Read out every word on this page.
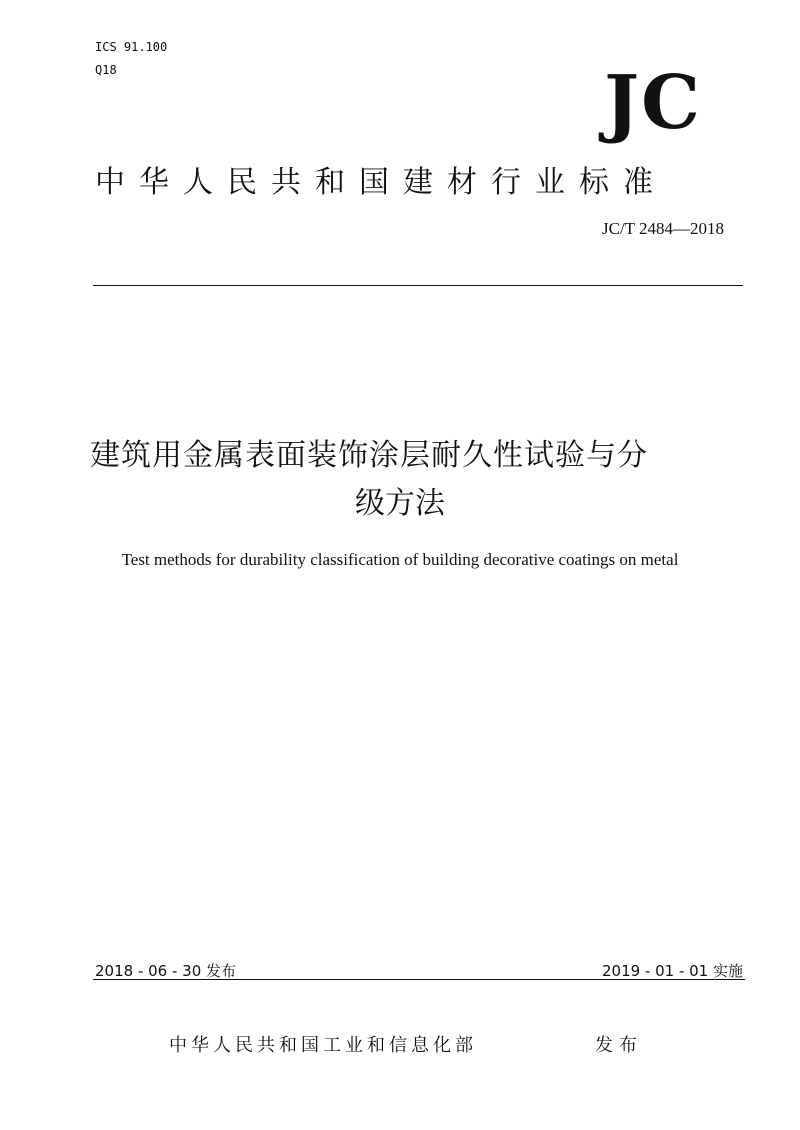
ICS 91.100
Q18	JC
中华人民共和国建材行业标准
JC/T 2484—2018
建筑用金属表面装饰涂层耐久性试验与分
级方法
Test methods for durability classification of building decorative coatings on metal
2018 - 06 - 30 发布	2019 - 01 - 01 实施
中华人民共和国工业和信息化部	发布
